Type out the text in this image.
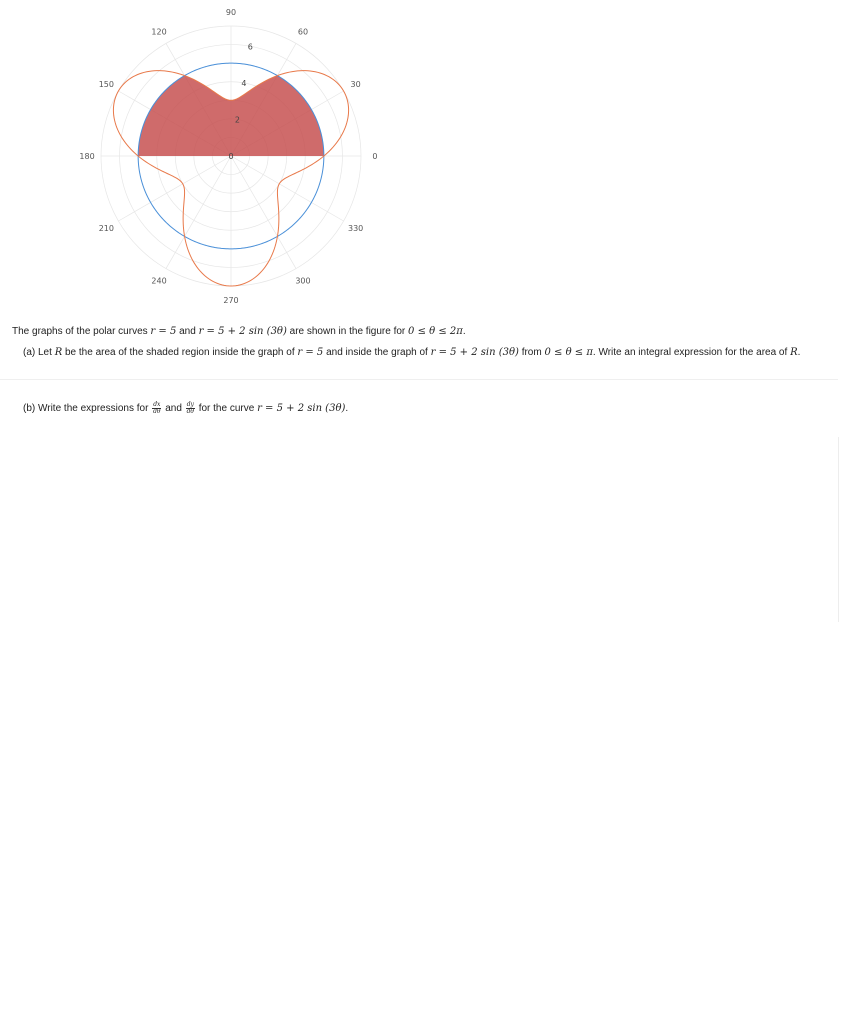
0
30
60
90
120
150
180
210
240
270
300
330
0
2
4
6
The graphs of the polar curves r = 5 and r = 5 + 2 sin (3θ) are shown in the figure for 0 ≤ θ ≤ 2π.
(a) Let R be the area of the shaded region inside the graph of r = 5 and inside the graph of r = 5 + 2 sin (3θ) from 0 ≤ θ ≤ π. Write an integral expression for the area of R.
(b) Write the expressions for $\frac{dx}{d\theta}$ and $\frac{dy}{d\theta}$ for the curve r = 5 + 2 sin (3θ).
